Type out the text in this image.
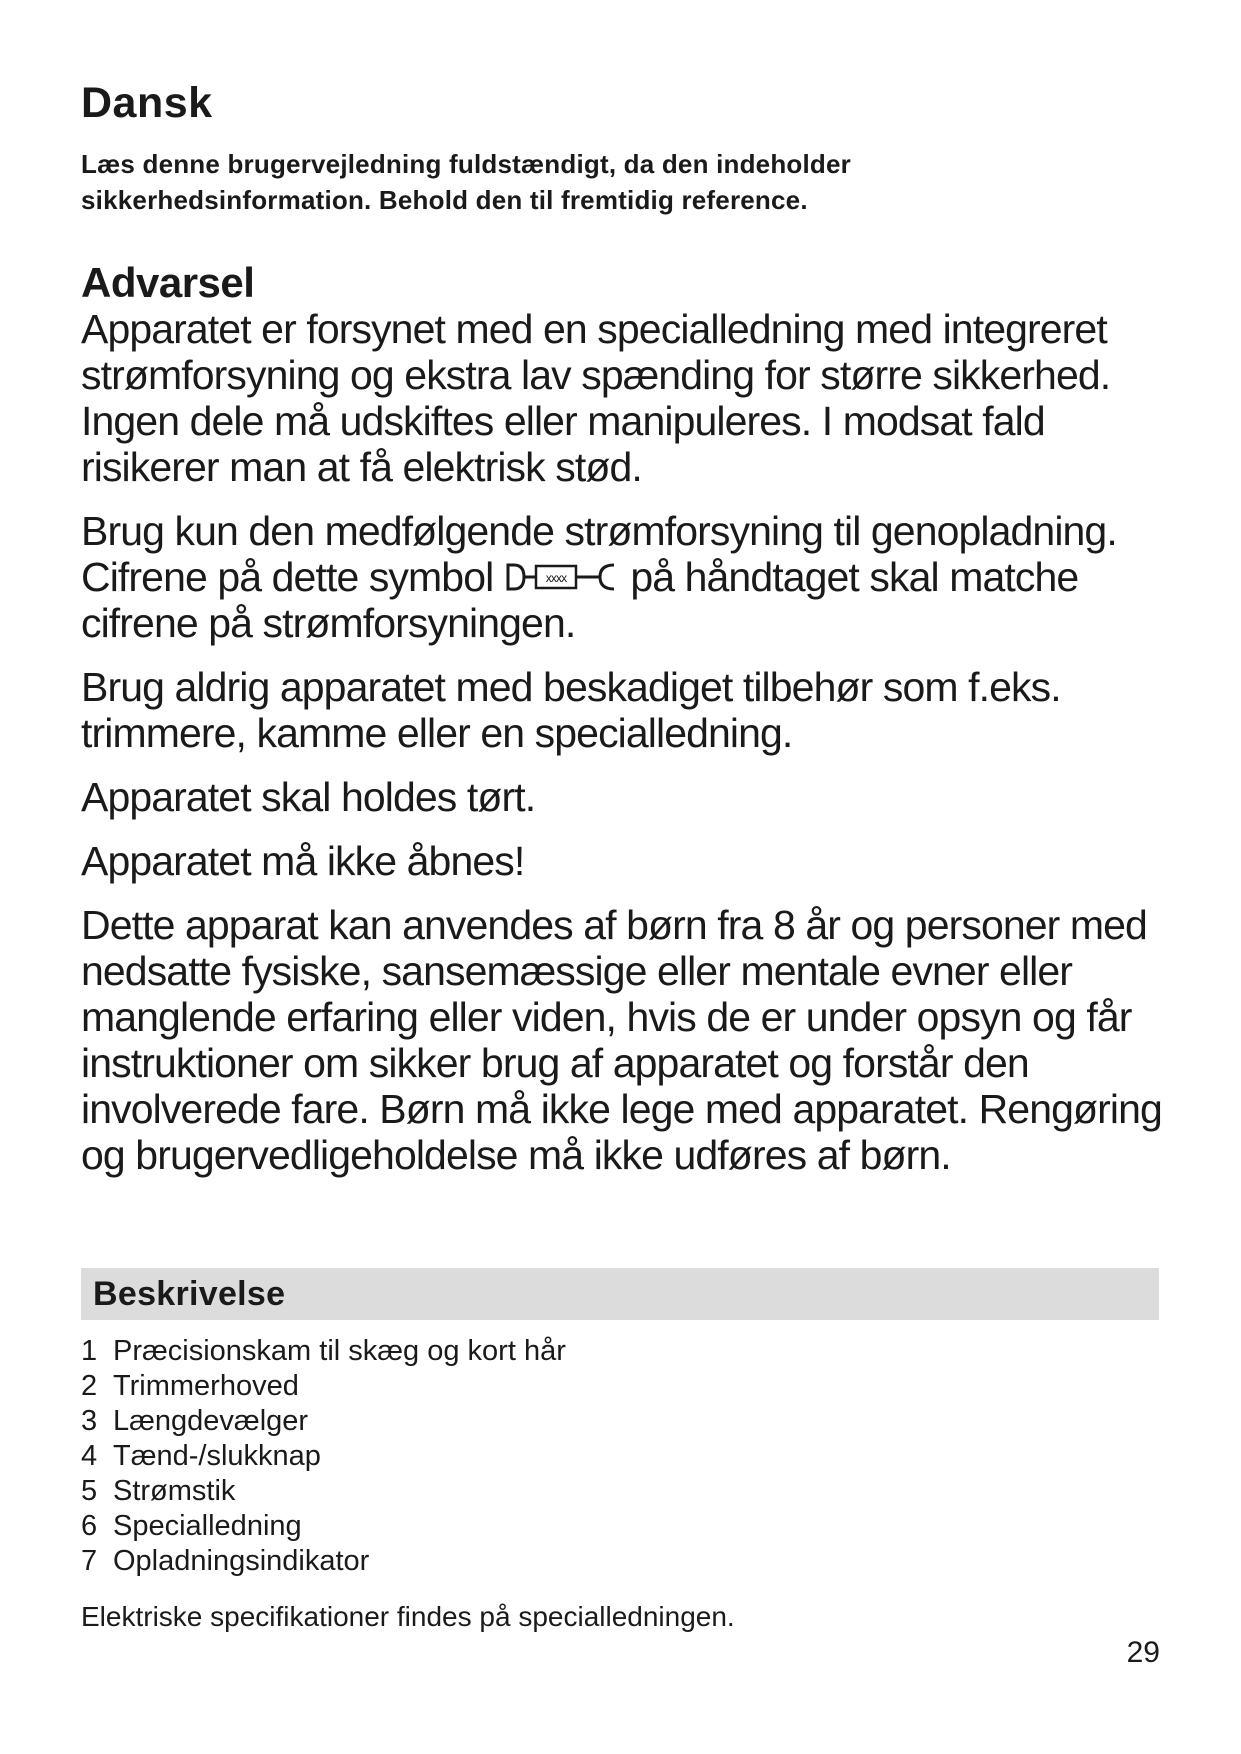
Dansk

Læs denne brugervejledning fuldstændigt, da den indeholder
sikkerhedsinformation. Behold den til fremtidig reference.

Advarsel

Apparatet er forsynet med en specialledning med integreret strømforsyning og ekstra lav spænding for større sikkerhed. Ingen dele må udskiftes eller manipuleres. I modsat fald risikerer man at få elektrisk stød.

Brug kun den medfølgende strømforsyning til genopladning. Cifrene på dette symbol	xxxx på håndtaget skal matche cifrene på strømforsyningen.

Brug aldrig apparatet med beskadiget tilbehør som f.eks. trimmere, kamme eller en specialledning.

Apparatet skal holdes tørt.

Apparatet må ikke åbnes!

Dette apparat kan anvendes af børn fra 8 år og personer med nedsatte fysiske, sansemæssige eller mentale evner eller manglende erfaring eller viden, hvis de er under opsyn og får instruktioner om sikker brug af apparatet og forstår den involverede fare. Børn må ikke lege med apparatet. Rengøring og brugervedligeholdelse må ikke udføres af børn.

Beskrivelse
1 Præcisionskam til skæg og kort hår
2 Trimmerhoved
3 Længdevælger
4 Tænd-/slukknap
5 Strømstik
6 Specialledning
7 Opladningsindikator

Elektriske specifikationer findes på specialledningen.

29
